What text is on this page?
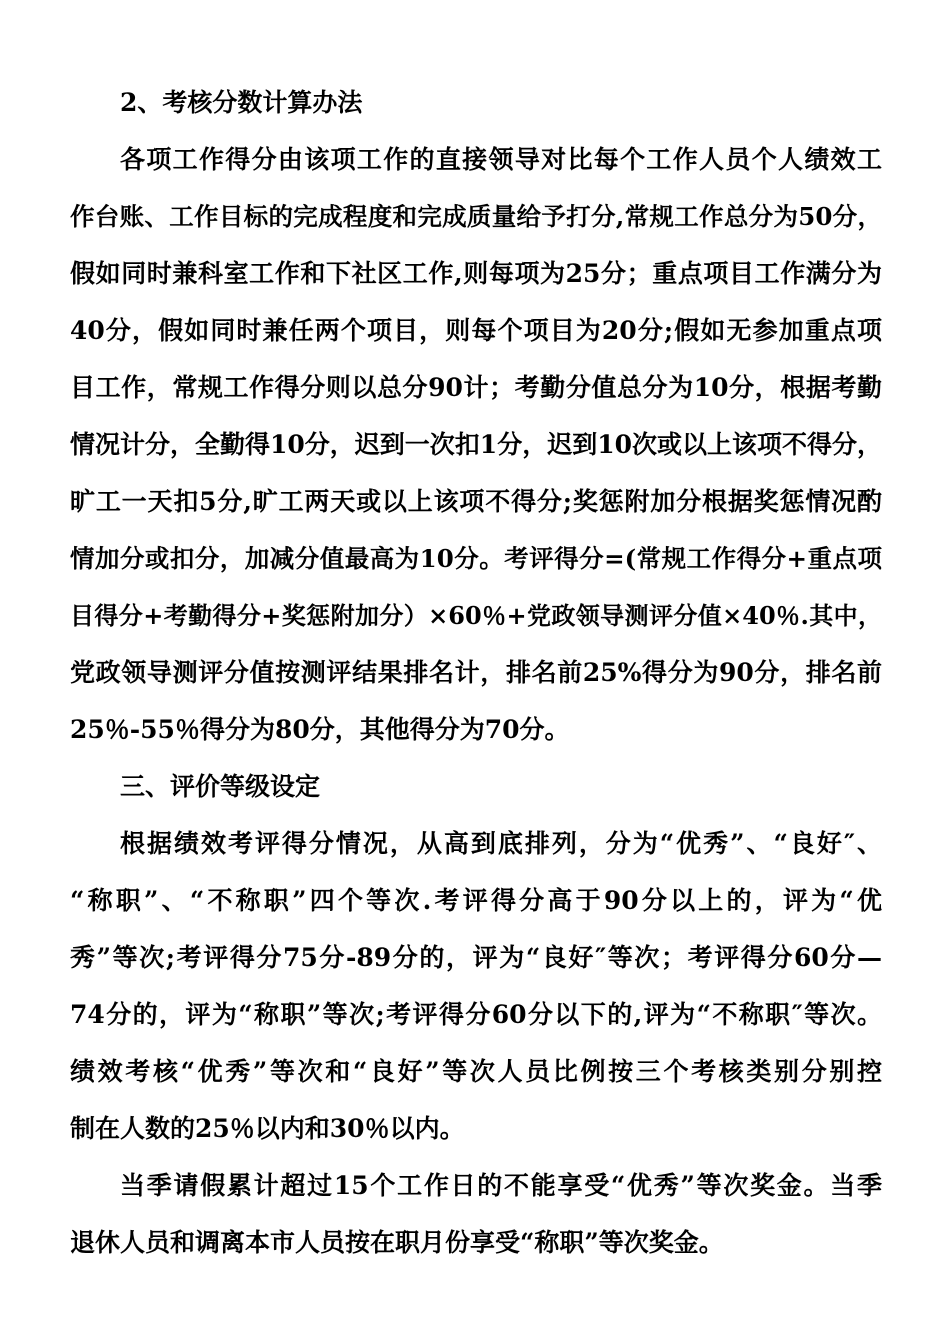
2、考核分数计算办法
各项工作得分由该项工作的直接领导对比每个工作人员个人绩效工
作台账、工作目标的完成程度和完成质量给予打分,常规工作总分为50分，
假如同时兼科室工作和下社区工作,则每项为25分；重点项目工作满分为
40分，假如同时兼任两个项目，则每个项目为20分;假如无参加重点项
目工作，常规工作得分则以总分90计；考勤分值总分为10分，根据考勤
情况计分，全勤得10分，迟到一次扣1分，迟到10次或以上该项不得分，
旷工一天扣5分,旷工两天或以上该项不得分;奖惩附加分根据奖惩情况酌
情加分或扣分，加减分值最高为10分。考评得分=(常规工作得分+重点项
目得分+考勤得分+奖惩附加分）×60％+党政领导测评分值×40％.其中，
党政领导测评分值按测评结果排名计，排名前25%得分为90分，排名前
25％-55％得分为80分，其他得分为70分。
三、评价等级设定
根据绩效考评得分情况，从高到底排列，分为“优秀”、“良好″、
“称职”、“不称职”四个等次.考评得分高于90分以上的，评为“优
秀”等次;考评得分75分-89分的，评为“良好″等次；考评得分60分—
74分的，评为“称职”等次;考评得分60分以下的,评为“不称职″等次。
绩效考核“优秀”等次和“良好”等次人员比例按三个考核类别分别控
制在人数的25％以内和30％以内。
当季请假累计超过15个工作日的不能享受“优秀”等次奖金。当季
退休人员和调离本市人员按在职月份享受“称职”等次奖金。
